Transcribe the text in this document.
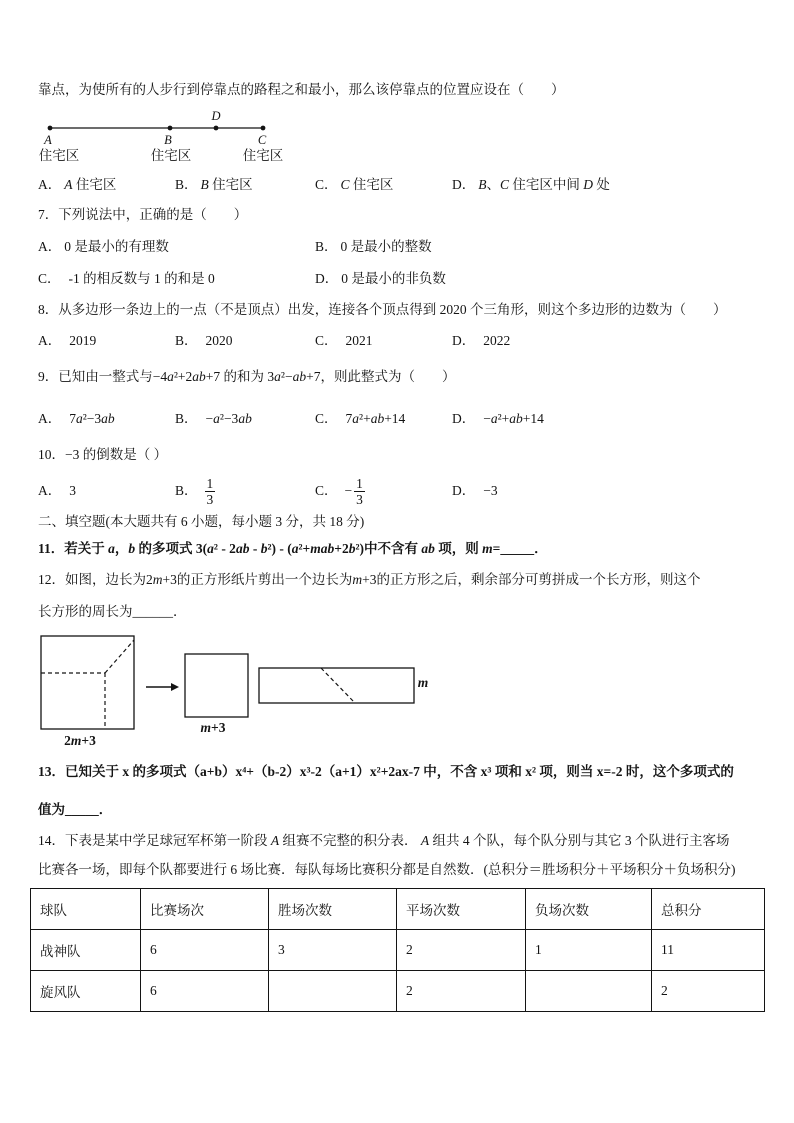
靠点，为使所有的人步行到停靠点的路程之和最小，那么该停靠点的位置应设在（　　）
D
A	B	C
住宅区	住宅区	住宅区
A． A 住宅区	B． B 住宅区	C． C 住宅区	D． B、C 住宅区中间 D 处
7．下列说法中，正确的是（　　）
A． 0 是最小的有理数	B． 0 是最小的整数
C． -1 的相反数与 1 的和是 0	D． 0 是最小的非负数
8．从多边形一条边上的一点（不是顶点）出发，连接各个顶点得到 2020 个三角形，则这个多边形的边数为（　　）
A． 2019	B． 2020	C． 2021	D． 2022
9．已知由一整式与−4a²+2ab+7 的和为 3a²−ab+7，则此整式为（　　）
A． 7a²−3ab	B． −a²−3ab	C． 7a²+ab+14	D． −a²+ab+14
10．−3 的倒数是（ ）
A． 3	B． $\frac{1}{3}$	C． − $\frac{1}{3}$	D． −3
二、填空题(本大题共有 6 小题，每小题 3 分，共 18 分)
11．若关于 a，b 的多项式 3(a² - 2ab - b²) - (a²+mab+2b²)中不含有 ab 项，则 m=_____．
12．如图，边长为2m+3的正方形纸片剪出一个边长为m+3的正方形之后，剩余部分可剪拼成一个长方形，则这个
长方形的周长为______．
2m+3
m+3
m
13．已知关于 x 的多项式（a+b）x⁴+（b-2）x³-2（a+1）x²+2ax-7 中，不含 x³ 项和 x² 项，则当 x=-2 时，这个多项式的
值为_____．
14．下表是某中学足球冠军杯第一阶段 A 组赛不完整的积分表． A 组共 4 个队，每个队分别与其它 3 个队进行主客场
比赛各一场，即每个队都要进行 6 场比赛．每队每场比赛积分都是自然数．(总积分＝胜场积分＋平场积分＋负场积分)
球队	比赛场次	胜场次数	平场次数	负场次数	总积分
战神队	6	3	2	1	11
旋风队	6		2		2
